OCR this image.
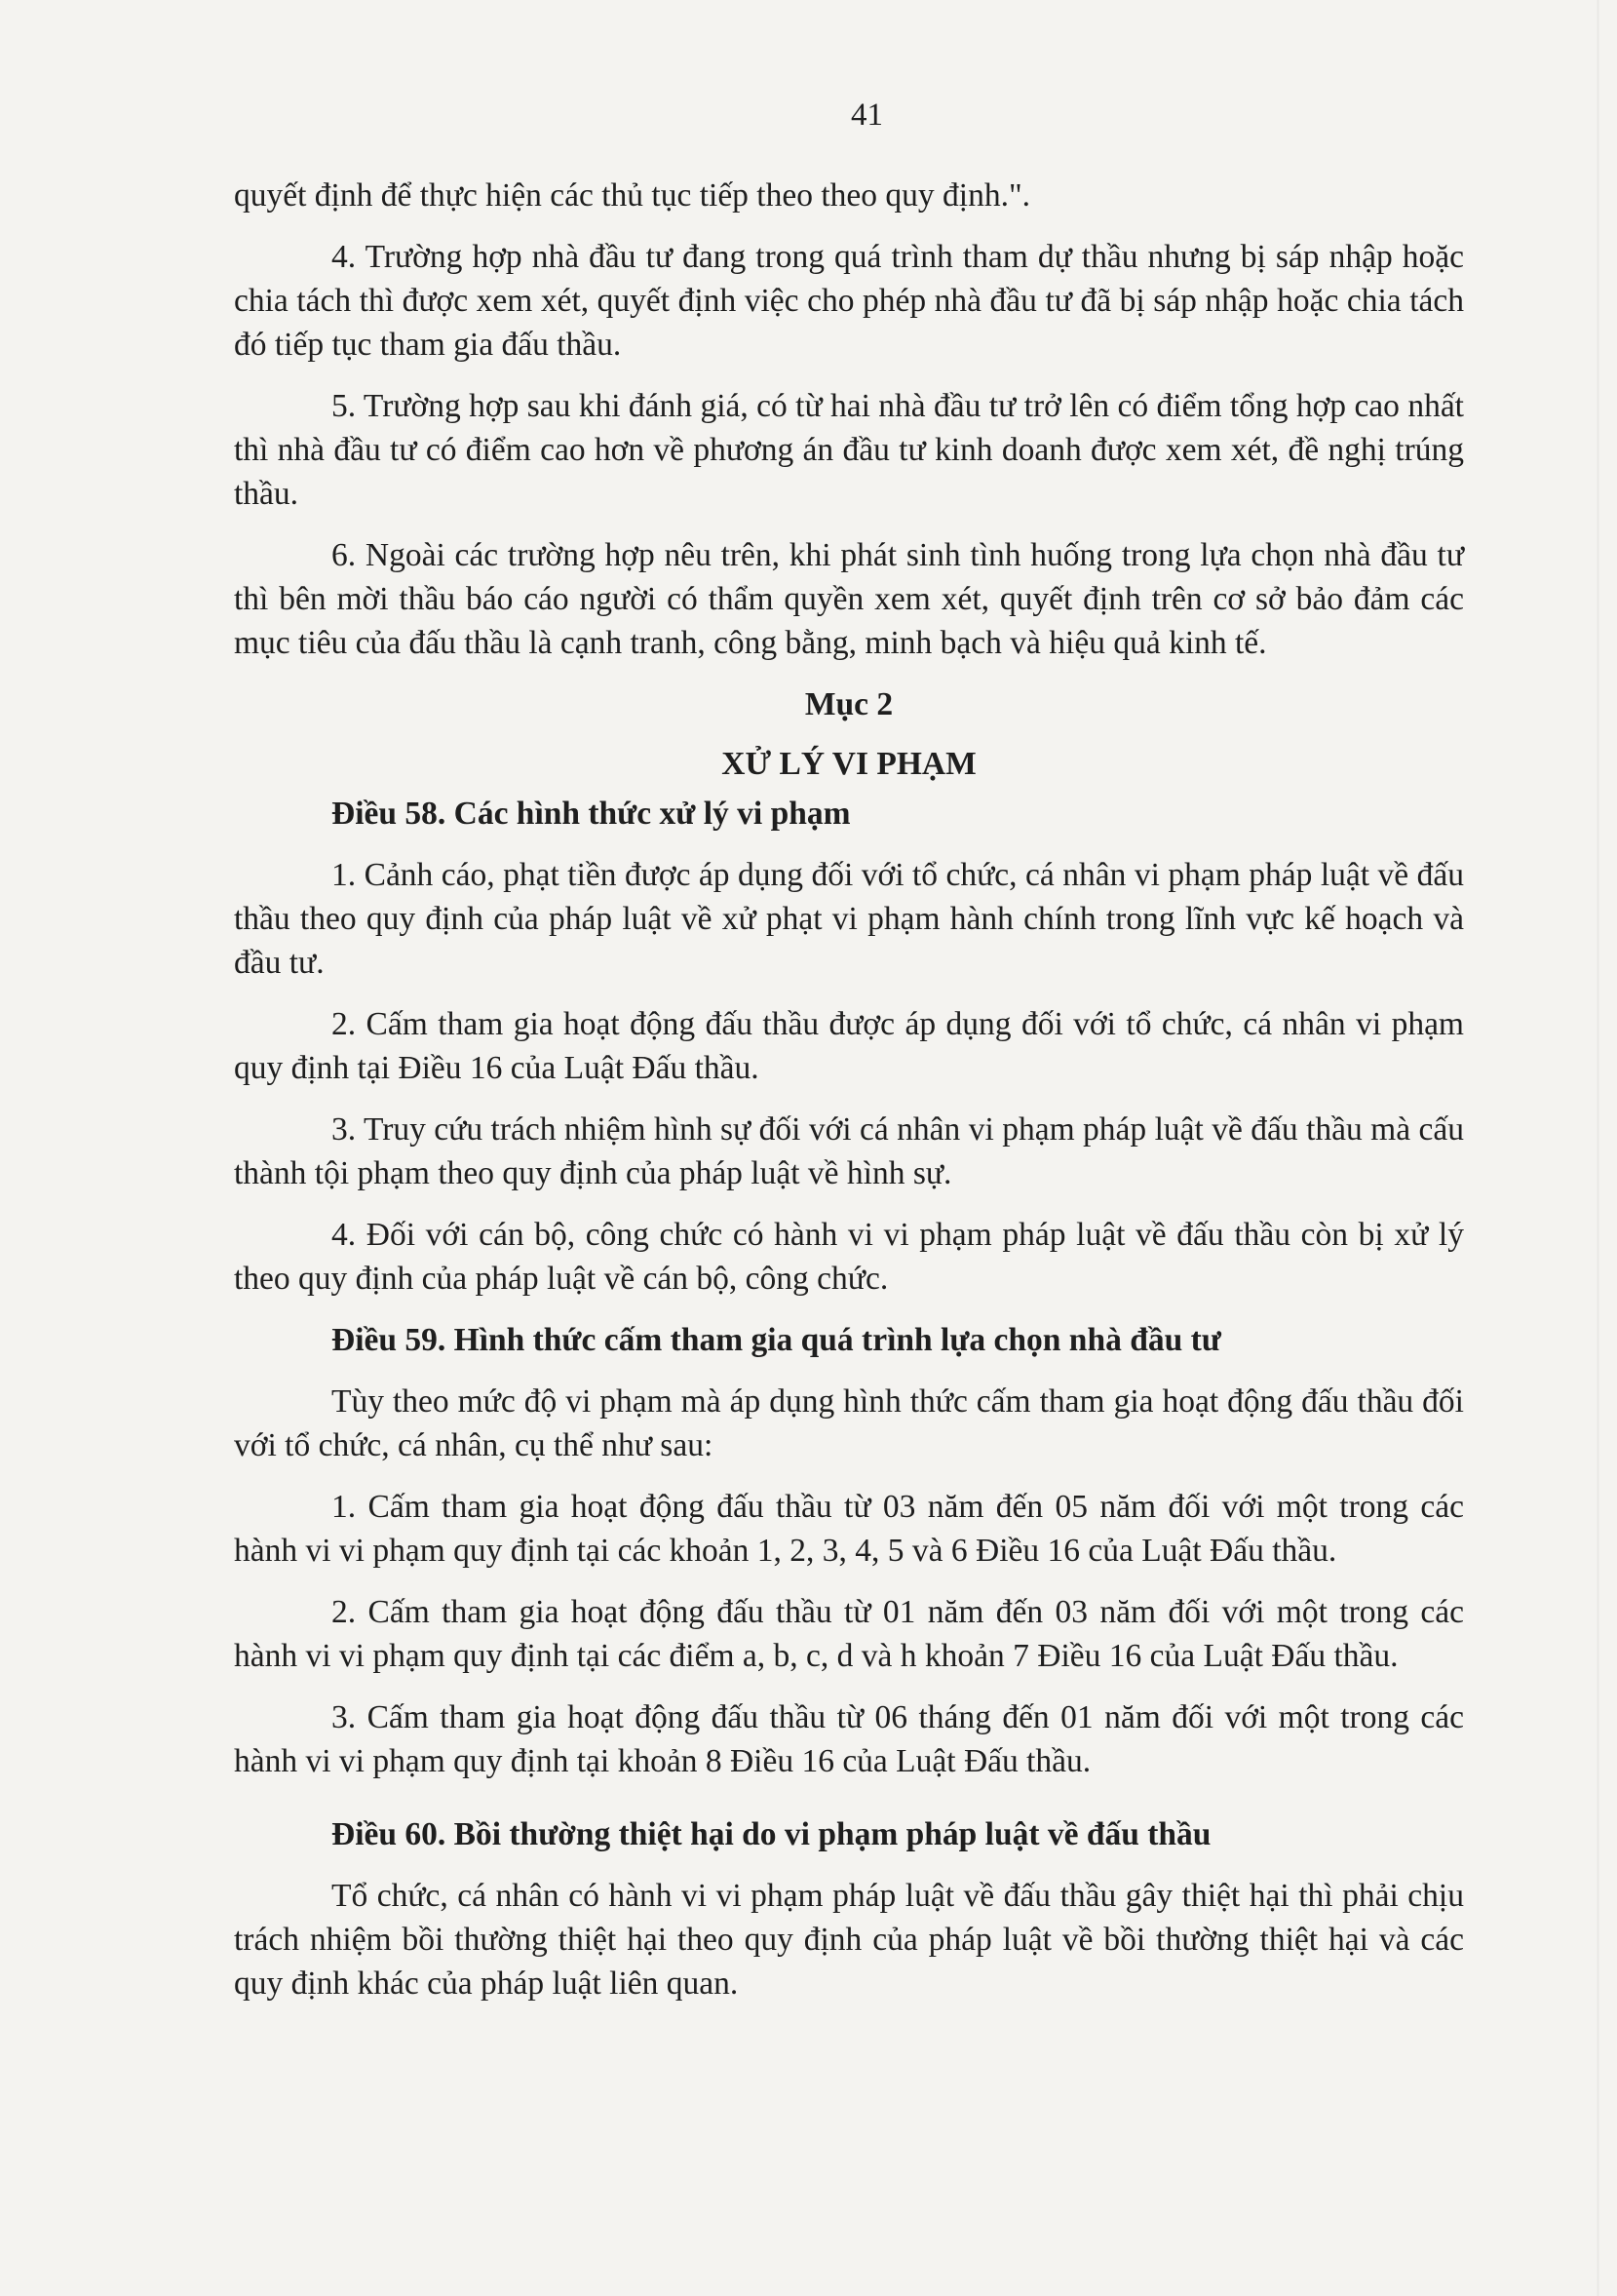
41

quyết định để thực hiện các thủ tục tiếp theo theo quy định.".

4. Trường hợp nhà đầu tư đang trong quá trình tham dự thầu nhưng bị sáp nhập hoặc chia tách thì được xem xét, quyết định việc cho phép nhà đầu tư đã bị sáp nhập hoặc chia tách đó tiếp tục tham gia đấu thầu.

5. Trường hợp sau khi đánh giá, có từ hai nhà đầu tư trở lên có điểm tổng hợp cao nhất thì nhà đầu tư có điểm cao hơn về phương án đầu tư kinh doanh được xem xét, đề nghị trúng thầu.

6. Ngoài các trường hợp nêu trên, khi phát sinh tình huống trong lựa chọn nhà đầu tư thì bên mời thầu báo cáo người có thẩm quyền xem xét, quyết định trên cơ sở bảo đảm các mục tiêu của đấu thầu là cạnh tranh, công bằng, minh bạch và hiệu quả kinh tế.

Mục 2
XỬ LÝ VI PHẠM
Điều 58. Các hình thức xử lý vi phạm

1. Cảnh cáo, phạt tiền được áp dụng đối với tổ chức, cá nhân vi phạm pháp luật về đấu thầu theo quy định của pháp luật về xử phạt vi phạm hành chính trong lĩnh vực kế hoạch và đầu tư.

2. Cấm tham gia hoạt động đấu thầu được áp dụng đối với tổ chức, cá nhân vi phạm quy định tại Điều 16 của Luật Đấu thầu.

3. Truy cứu trách nhiệm hình sự đối với cá nhân vi phạm pháp luật về đấu thầu mà cấu thành tội phạm theo quy định của pháp luật về hình sự.

4. Đối với cán bộ, công chức có hành vi vi phạm pháp luật về đấu thầu còn bị xử lý theo quy định của pháp luật về cán bộ, công chức.

Điều 59. Hình thức cấm tham gia quá trình lựa chọn nhà đầu tư

Tùy theo mức độ vi phạm mà áp dụng hình thức cấm tham gia hoạt động đấu thầu đối với tổ chức, cá nhân, cụ thể như sau:

1. Cấm tham gia hoạt động đấu thầu từ 03 năm đến 05 năm đối với một trong các hành vi vi phạm quy định tại các khoản 1, 2, 3, 4, 5 và 6 Điều 16 của Luật Đấu thầu.

2. Cấm tham gia hoạt động đấu thầu từ 01 năm đến 03 năm đối với một trong các hành vi vi phạm quy định tại các điểm a, b, c, d và h khoản 7 Điều 16 của Luật Đấu thầu.

3. Cấm tham gia hoạt động đấu thầu từ 06 tháng đến 01 năm đối với một trong các hành vi vi phạm quy định tại khoản 8 Điều 16 của Luật Đấu thầu.

Điều 60. Bồi thường thiệt hại do vi phạm pháp luật về đấu thầu

Tổ chức, cá nhân có hành vi vi phạm pháp luật về đấu thầu gây thiệt hại thì phải chịu trách nhiệm bồi thường thiệt hại theo quy định của pháp luật về bồi thường thiệt hại và các quy định khác của pháp luật liên quan.
